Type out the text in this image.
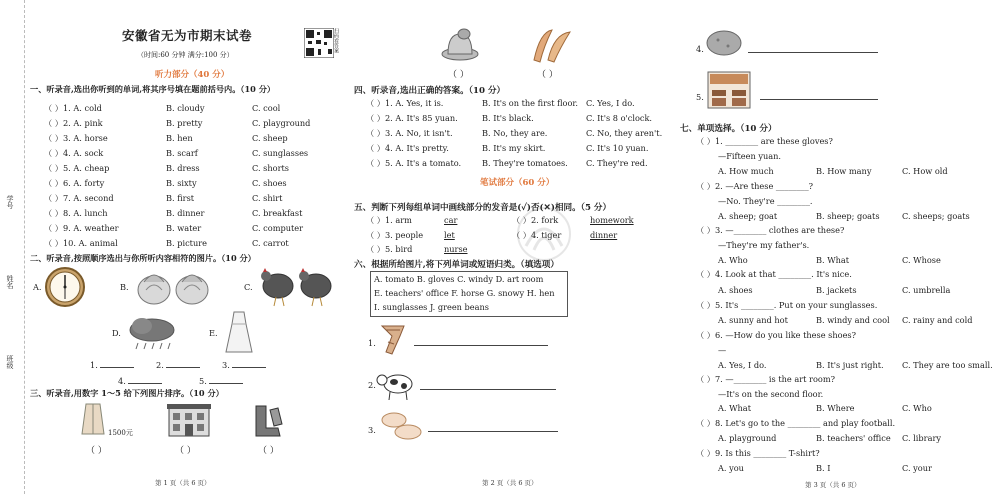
学号
姓名
班级
安徽省无为市期末试卷	扫码看答案
（时间:60 分钟 满分:100 分）
听力部分（40 分）
一、听录音,选出你听到的单词,将其序号填在题前括号内。（10 分）
（ ）1. A. cold	B. cloudy	C. cool
（ ）2. A. pink	B. pretty	C. playground
（ ）3. A. horse	B. hen	C. sheep
（ ）4. A. sock	B. scarf	C. sunglasses
（ ）5. A. cheap	B. dress	C. shorts
（ ）6. A. forty	B. sixty	C. shoes
（ ）7. A. second	B. first	C. shirt
（ ）8. A. lunch	B. dinner	C. breakfast
（ ）9. A. weather	B. water	C. computer
（ ）10. A. animal	B. picture	C. carrot
二、听录音,按照顺序选出与你所听内容相符的图片。（10 分）
A.	B.	C.
D.	E.
1.	2.	3.
4.	5.
三、听录音,用数字 1～5 给下列图片排序。（10 分）
1500元
（ ）	（ ）	（ ）
第 1 页（共 6 页）
（ ）	（ ）
四、听录音,选出正确的答案。（10 分）
（ ）1. A. Yes, it is.	B. It's on the first floor. C. Yes, I do.
（ ）2. A. It's 85 yuan.	B. It's black.	C. It's 8 o'clock.
（ ）3. A. No, it isn't.	B. No, they are.	C. No, they aren't.
（ ）4. A. It's pretty.	B. It's my skirt.	C. It's 10 yuan.
（ ）5. A. It's a tomato.	B. They're tomatoes. C. They're red.
笔试部分（60 分）
五、判断下列每组单词中画线部分的发音是(✓)否(✕)相同。（5 分）
（ ）1. arm	car	（ ）2. fork	homework
（ ）3. people	let	（ ）4. tiger	dinner
（ ）5. bird	nurse
六、根据所给图片,将下列单词或短语归类。（填选项）
A. tomato B. gloves C. windy D. art room
E. teachers' office F. horse G. snowy H. hen
I. sunglasses J. green beans
1.
2.
3.
第 2 页（共 6 页）
4.
5.
七、单项选择。（10 分）
（ ）1. ________ are these gloves?
—Fifteen yuan.
A. How much	B. How many	C. How old
（ ）2. —Are these ________?
—No. They're ________.
A. sheep; goat	B. sheep; goats	C. sheeps; goats
（ ）3. —________ clothes are these?
—They're my father's.
A. Who	B. What	C. Whose
（ ）4. Look at that ________. It's nice.
A. shoes	B. jackets	C. umbrella
（ ）5. It's ________. Put on your sunglasses.
A. sunny and hot	B. windy and cool C. rainy and cold
（ ）6. —How do you like these shoes?
—
A. Yes, I do.	B. It's just right. C. They are too small.
（ ）7. —________ is the art room?
—It's on the second floor.
A. What	B. Where	C. Who
（ ）8. Let's go to the ________ and play football.
A. playground	B. teachers' office C. library
（ ）9. Is this ________ T-shirt?
A. you	B. I	C. your
第 3 页（共 6 页）
